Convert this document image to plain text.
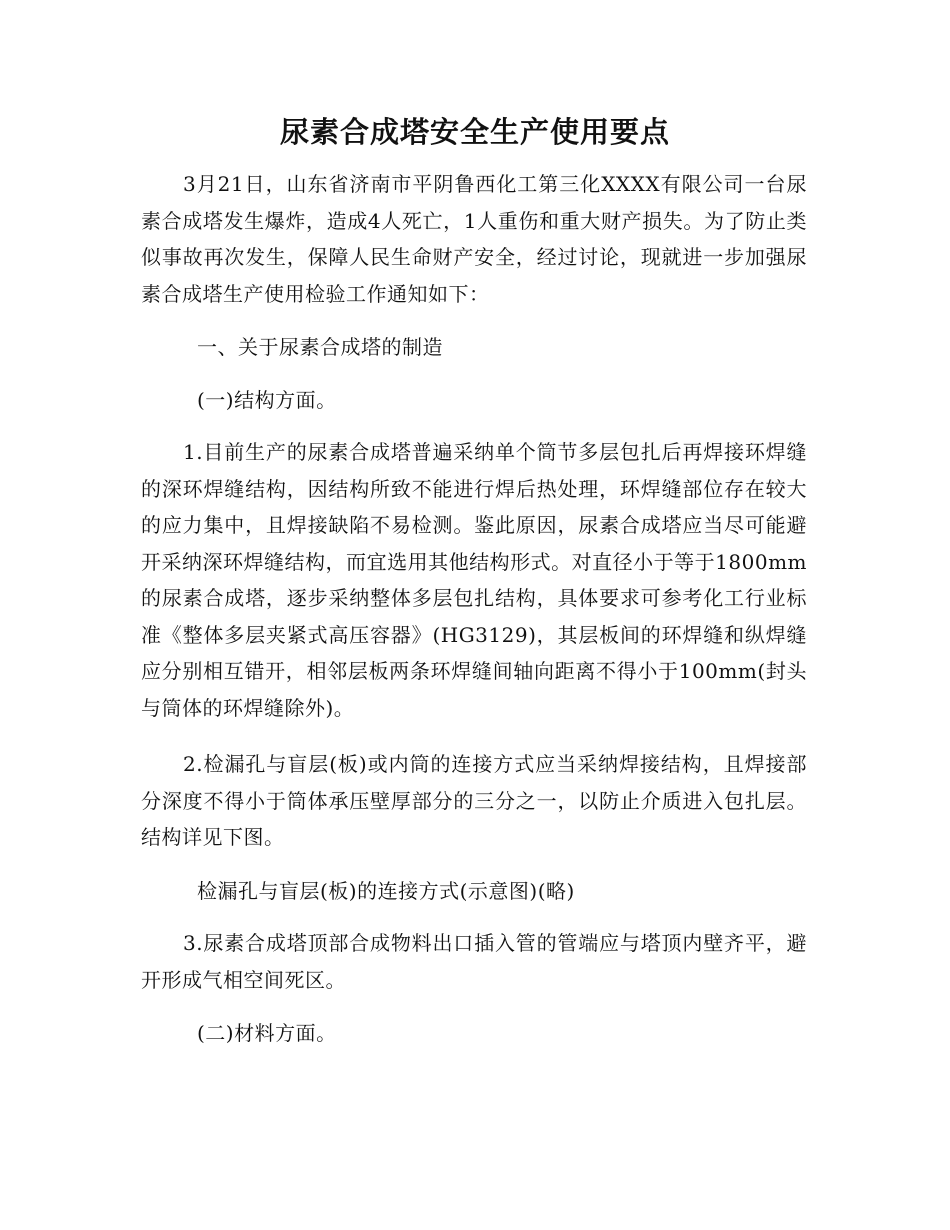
尿素合成塔安全生产使用要点

3月21日，山东省济南市平阴鲁西化工第三化XXXX有限公司一台尿素合成塔发生爆炸，造成4人死亡，1人重伤和重大财产损失。为了防止类似事故再次发生，保障人民生命财产安全，经过讨论，现就进一步加强尿素合成塔生产使用检验工作通知如下：

一、关于尿素合成塔的制造
(一)结构方面。

1.目前生产的尿素合成塔普遍采纳单个筒节多层包扎后再焊接环焊缝的深环焊缝结构，因结构所致不能进行焊后热处理，环焊缝部位存在较大的应力集中，且焊接缺陷不易检测。鉴此原因，尿素合成塔应当尽可能避开采纳深环焊缝结构，而宜选用其他结构形式。对直径小于等于1800mm的尿素合成塔，逐步采纳整体多层包扎结构，具体要求可参考化工行业标准《整体多层夹紧式高压容器》(HG3129)，其层板间的环焊缝和纵焊缝应分别相互错开，相邻层板两条环焊缝间轴向距离不得小于100mm(封头与筒体的环焊缝除外)。

2.检漏孔与盲层(板)或内筒的连接方式应当采纳焊接结构，且焊接部分深度不得小于筒体承压壁厚部分的三分之一，以防止介质进入包扎层。结构详见下图。

检漏孔与盲层(板)的连接方式(示意图)(略)

3.尿素合成塔顶部合成物料出口插入管的管端应与塔顶内壁齐平，避开形成气相空间死区。

(二)材料方面。
